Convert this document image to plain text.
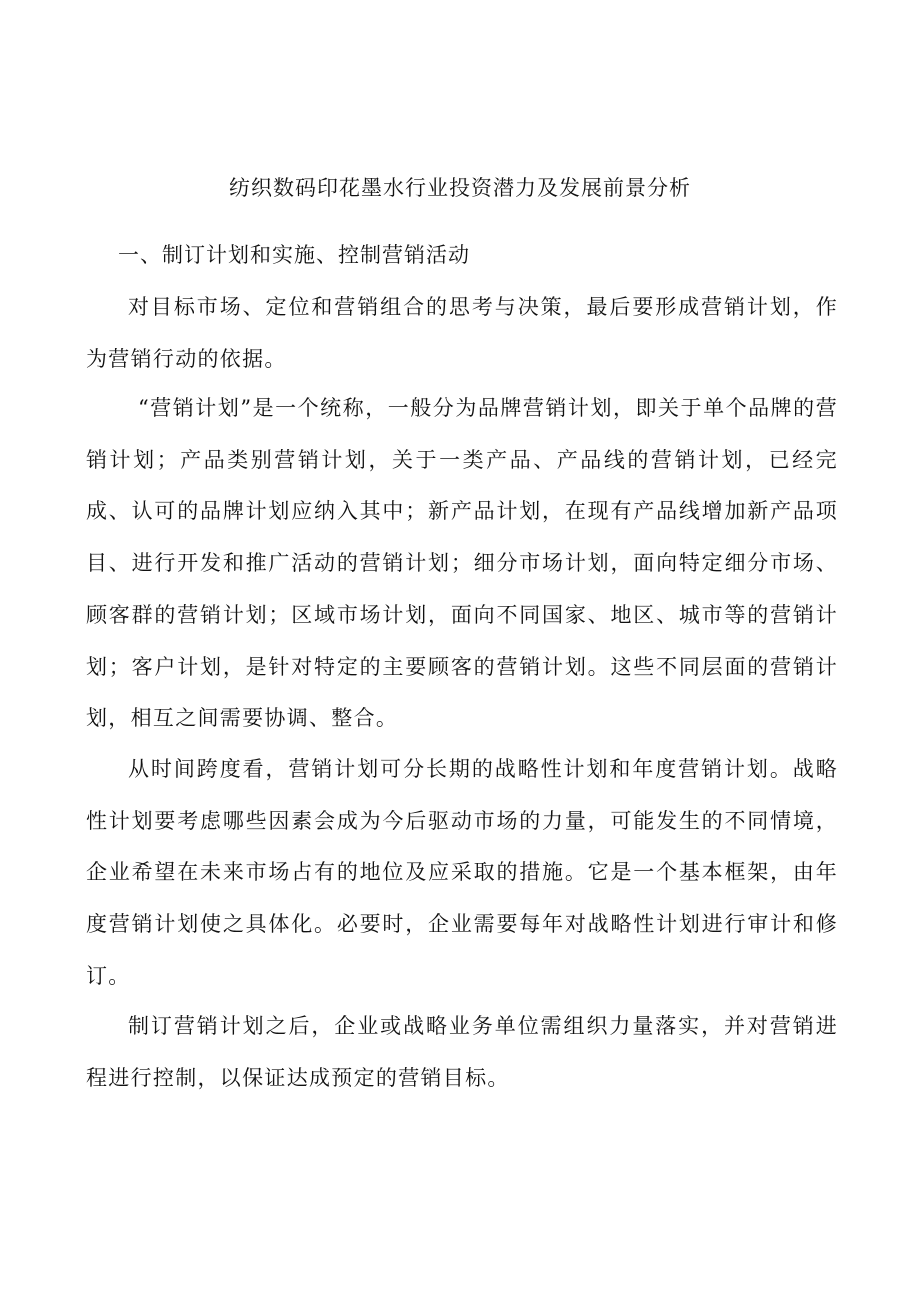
纺织数码印花墨水行业投资潜力及发展前景分析
一、制订计划和实施、控制营销活动

对目标市场、定位和营销组合的思考与决策，最后要形成营销计划，作为营销行动的依据。

“营销计划”是一个统称，一般分为品牌营销计划，即关于单个品牌的营销计划；产品类别营销计划，关于一类产品、产品线的营销计划，已经完成、认可的品牌计划应纳入其中；新产品计划，在现有产品线增加新产品项目、进行开发和推广活动的营销计划；细分市场计划，面向特定细分市场、顾客群的营销计划；区域市场计划，面向不同国家、地区、城市等的营销计划；客户计划，是针对特定的主要顾客的营销计划。这些不同层面的营销计划，相互之间需要协调、整合。

从时间跨度看，营销计划可分长期的战略性计划和年度营销计划。战略性计划要考虑哪些因素会成为今后驱动市场的力量，可能发生的不同情境，企业希望在未来市场占有的地位及应采取的措施。它是一个基本框架，由年度营销计划使之具体化。必要时，企业需要每年对战略性计划进行审计和修订。

制订营销计划之后，企业或战略业务单位需组织力量落实，并对营销进程进行控制，以保证达成预定的营销目标。
